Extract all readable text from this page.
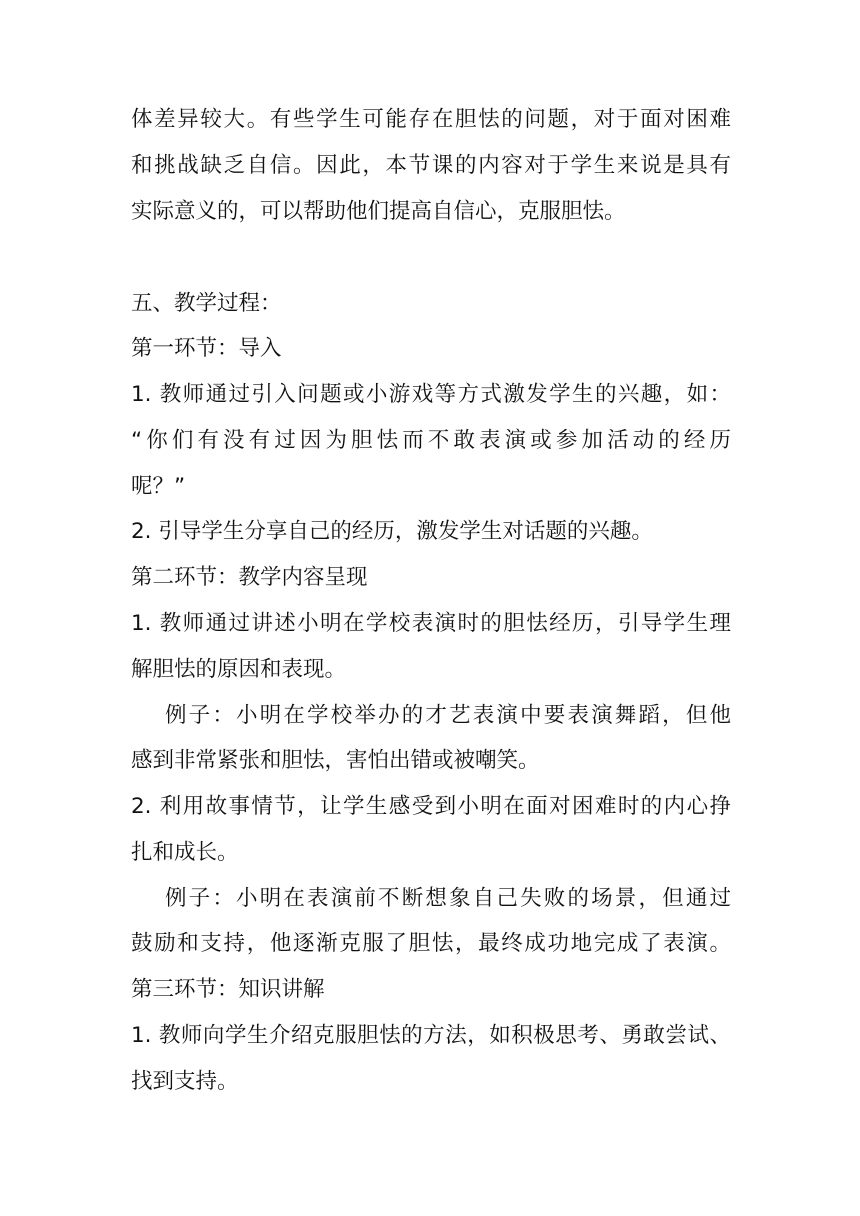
体差异较大。有些学生可能存在胆怯的问题，对于面对困难
和挑战缺乏自信。因此，本节课的内容对于学生来说是具有
实际意义的，可以帮助他们提高自信心，克服胆怯。
五、教学过程：
第一环节：导入
1. 教师通过引入问题或小游戏等方式激发学生的兴趣，如：
“你们有没有过因为胆怯而不敢表演或参加活动的经历
呢？”
2. 引导学生分享自己的经历，激发学生对话题的兴趣。
第二环节：教学内容呈现
1. 教师通过讲述小明在学校表演时的胆怯经历，引导学生理
解胆怯的原因和表现。
例子：小明在学校举办的才艺表演中要表演舞蹈，但他
感到非常紧张和胆怯，害怕出错或被嘲笑。
2. 利用故事情节，让学生感受到小明在面对困难时的内心挣
扎和成长。
例子：小明在表演前不断想象自己失败的场景，但通过
鼓励和支持，他逐渐克服了胆怯，最终成功地完成了表演。
第三环节：知识讲解
1. 教师向学生介绍克服胆怯的方法，如积极思考、勇敢尝试、
找到支持。
